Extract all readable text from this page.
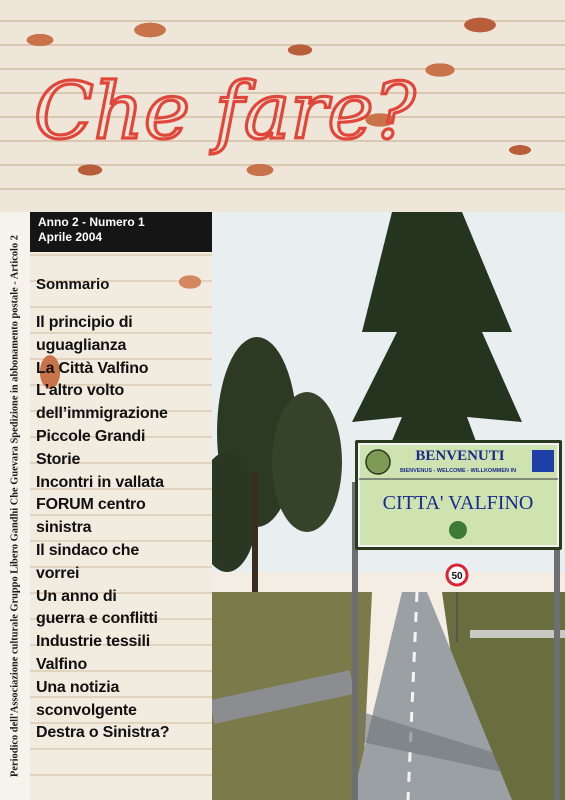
Che fare?
Periodico dell'Associazione culturale Gruppo Libero Gandhi Che Guevara Spedizione in abbonamento postale - Articolo 2
Anno 2 - Numero 1
Aprile 2004
Sommario
Il principio di
uguaglianza
La Città Valfino
L’altro volto
dell’immigrazione
Piccole Grandi
Storie
Incontri in vallata
FORUM centro
sinistra
Il sindaco che
vorrei
Un anno di
guerra e conflitti
Industrie tessili
Valfino
Una notizia
sconvolgente
Destra o Sinistra?
BENVENUTI
BIENVENUS - WELCOME - WILLKOMMEN IN
CITTA' VALFINO
50
